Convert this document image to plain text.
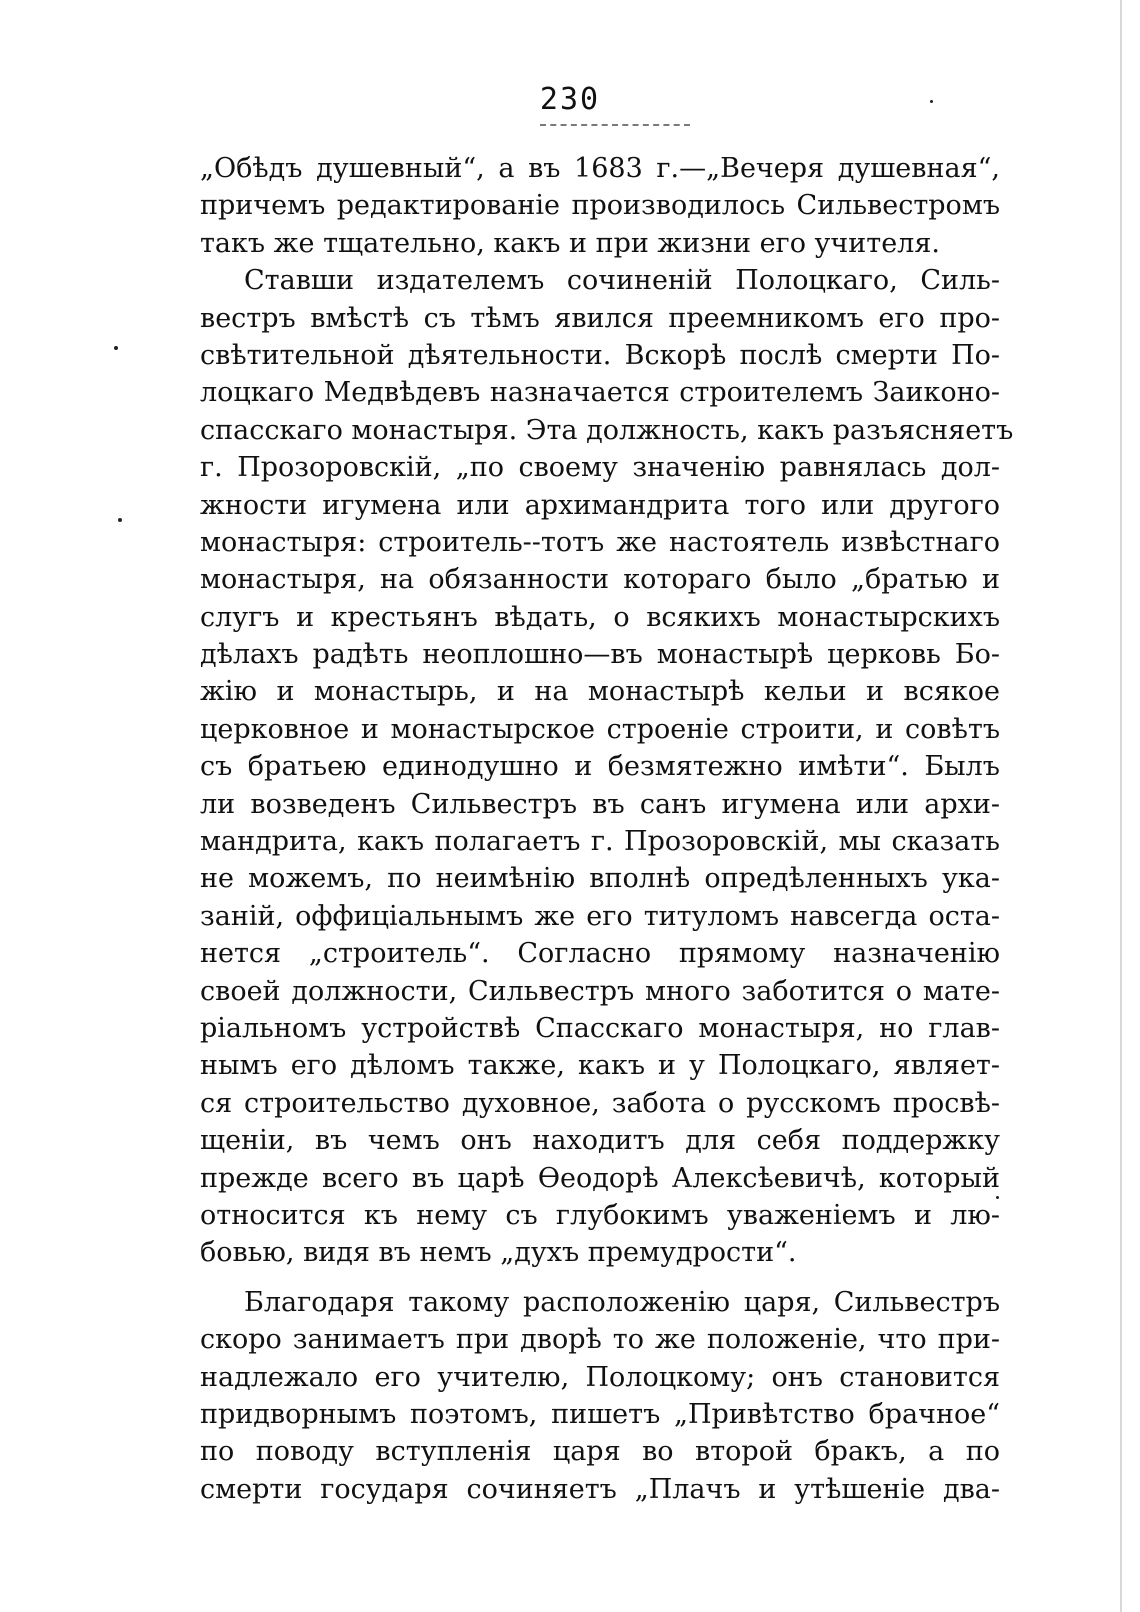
230
„Обѣдъ душевный“, а въ 1683 г.—„Вечеря душевная“,
причемъ редактированіе производилось Сильвестромъ
такъ же тщательно, какъ и при жизни его учителя.
Ставши издателемъ сочиненій Полоцкаго, Силь-
вестръ вмѣстѣ съ тѣмъ явился преемникомъ его про-
свѣтительной дѣятельности. Вскорѣ послѣ смерти По-
лоцкаго Медвѣдевъ назначается строителемъ Заиконо-
спасскаго монастыря. Эта должность, какъ разъясняетъ
г. Прозоровскій, „по своему значенію равнялась дол-
жности игумена или архимандрита того или другого
монастыря: строитель--тотъ же настоятель извѣстнаго
монастыря, на обязанности котораго было „братью и
слугъ и крестьянъ вѣдать, о всякихъ монастырскихъ
дѣлахъ радѣть неоплошно—въ монастырѣ церковь Бо-
жію и монастырь, и на монастырѣ кельи и всякое
церковное и монастырское строеніе строити, и совѣтъ
съ братьею единодушно и безмятежно имѣти“. Былъ
ли возведенъ Сильвестръ въ санъ игумена или архи-
мандрита, какъ полагаетъ г. Прозоровскій, мы сказать
не можемъ, по неимѣнію вполнѣ опредѣленныхъ ука-
заній, оффиціальнымъ же его титуломъ навсегда оста-
нется „строитель“. Согласно прямому назначенію
своей должности, Сильвестръ много заботится о мате-
ріальномъ устройствѣ Спасскаго монастыря, но глав-
нымъ его дѣломъ также, какъ и у Полоцкаго, являет-
ся строительство духовное, забота о русскомъ просвѣ-
щеніи, въ чемъ онъ находитъ для себя поддержку
прежде всего въ царѣ Ѳеодорѣ Алексѣевичѣ, который
относится къ нему съ глубокимъ уваженіемъ и лю-
бовью, видя въ немъ „духъ премудрости“.
Благодаря такому расположенію царя, Сильвестръ
скоро занимаетъ при дворѣ то же положеніе, что при-
надлежало его учителю, Полоцкому; онъ становится
придворнымъ поэтомъ, пишетъ „Привѣтство брачное“
по поводу вступленія царя во второй бракъ, а по
смерти государя сочиняетъ „Плачъ и утѣшеніе два-
